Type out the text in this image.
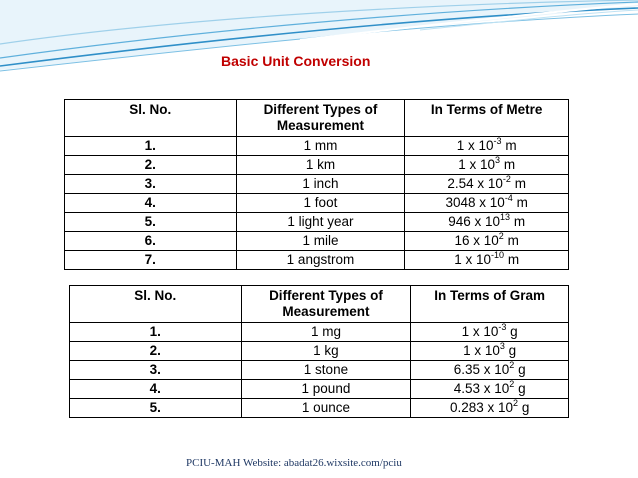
Basic Unit Conversion
Sl. No.	Different Types of Measurement	In Terms of Metre
1.	1 mm	1 x $10^{-3}$ m
2.	1 km	1 x $10^3$ m
3.	1 inch	2.54 x $10^{-2}$ m
4.	1 foot	3048 x $10^{-4}$ m
5.	1 light year	946 x $10^{13}$ m
6.	1 mile	16 x $10^2$ m
7.	1 angstrom	1 x $10^{-10}$ m
Sl. No.	Different Types of Measurement	In Terms of Gram
1.	1 mg	1 x $10^{-3}$ g
2.	1 kg	1 x $10^3$ g
3.	1 stone	6.35 x $10^2$ g
4.	1 pound	4.53 x $10^2$ g
5.	1 ounce	0.283 x $10^2$ g
PCIU-MAH Website: abadat26.wixsite.com/pciu
